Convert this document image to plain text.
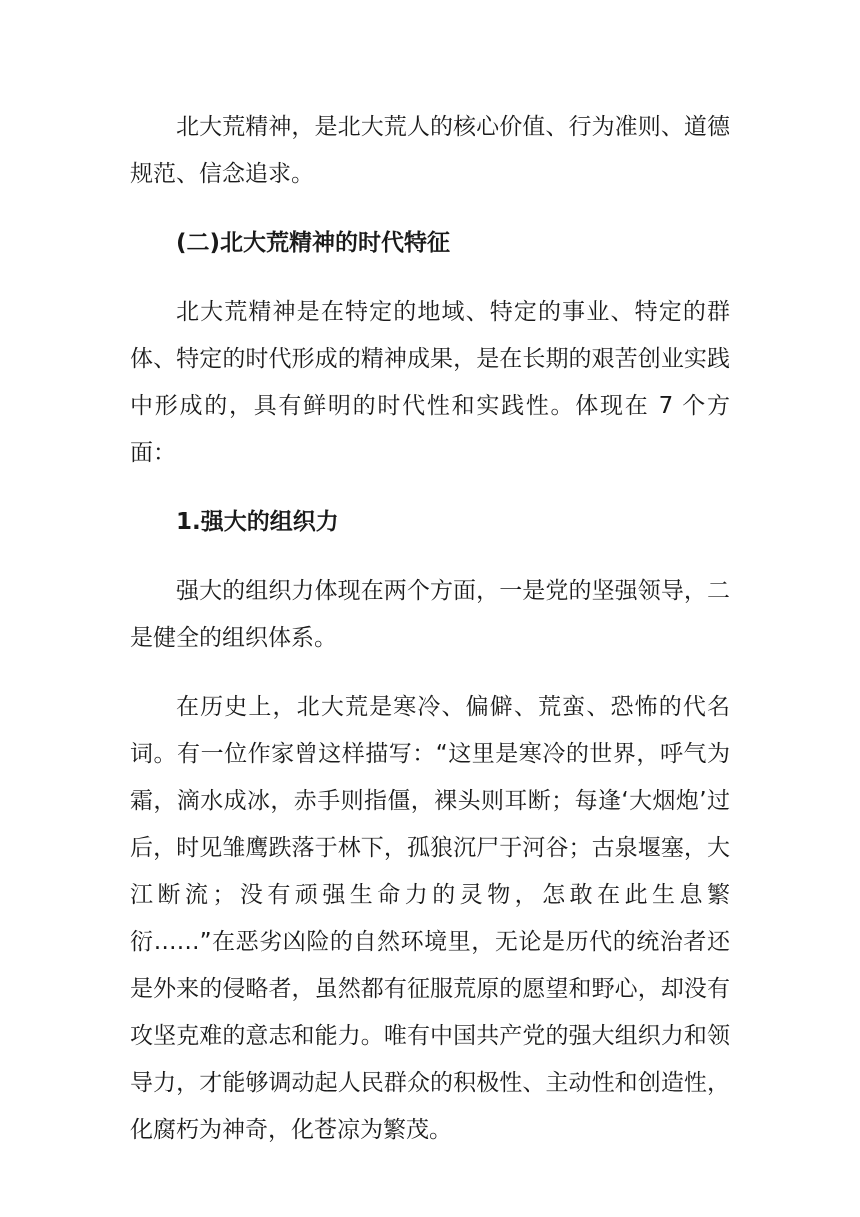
北大荒精神，是北大荒人的核心价值、行为准则、道德规范、信念追求。

(二)北大荒精神的时代特征

北大荒精神是在特定的地域、特定的事业、特定的群体、特定的时代形成的精神成果，是在长期的艰苦创业实践中形成的，具有鲜明的时代性和实践性。体现在 7 个方面：

1.强大的组织力

强大的组织力体现在两个方面，一是党的坚强领导，二是健全的组织体系。

在历史上，北大荒是寒冷、偏僻、荒蛮、恐怖的代名词。有一位作家曾这样描写：“这里是寒冷的世界，呼气为霜，滴水成冰，赤手则指僵，裸头则耳断；每逢‘大烟炮’过后，时见雏鹰跌落于林下，孤狼沉尸于河谷；古泉堰塞，大江断流；没有顽强生命力的灵物，怎敢在此生息繁衍……”在恶劣凶险的自然环境里，无论是历代的统治者还是外来的侵略者，虽然都有征服荒原的愿望和野心，却没有攻坚克难的意志和能力。唯有中国共产党的强大组织力和领导力，才能够调动起人民群众的积极性、主动性和创造性，化腐朽为神奇，化苍凉为繁茂。
